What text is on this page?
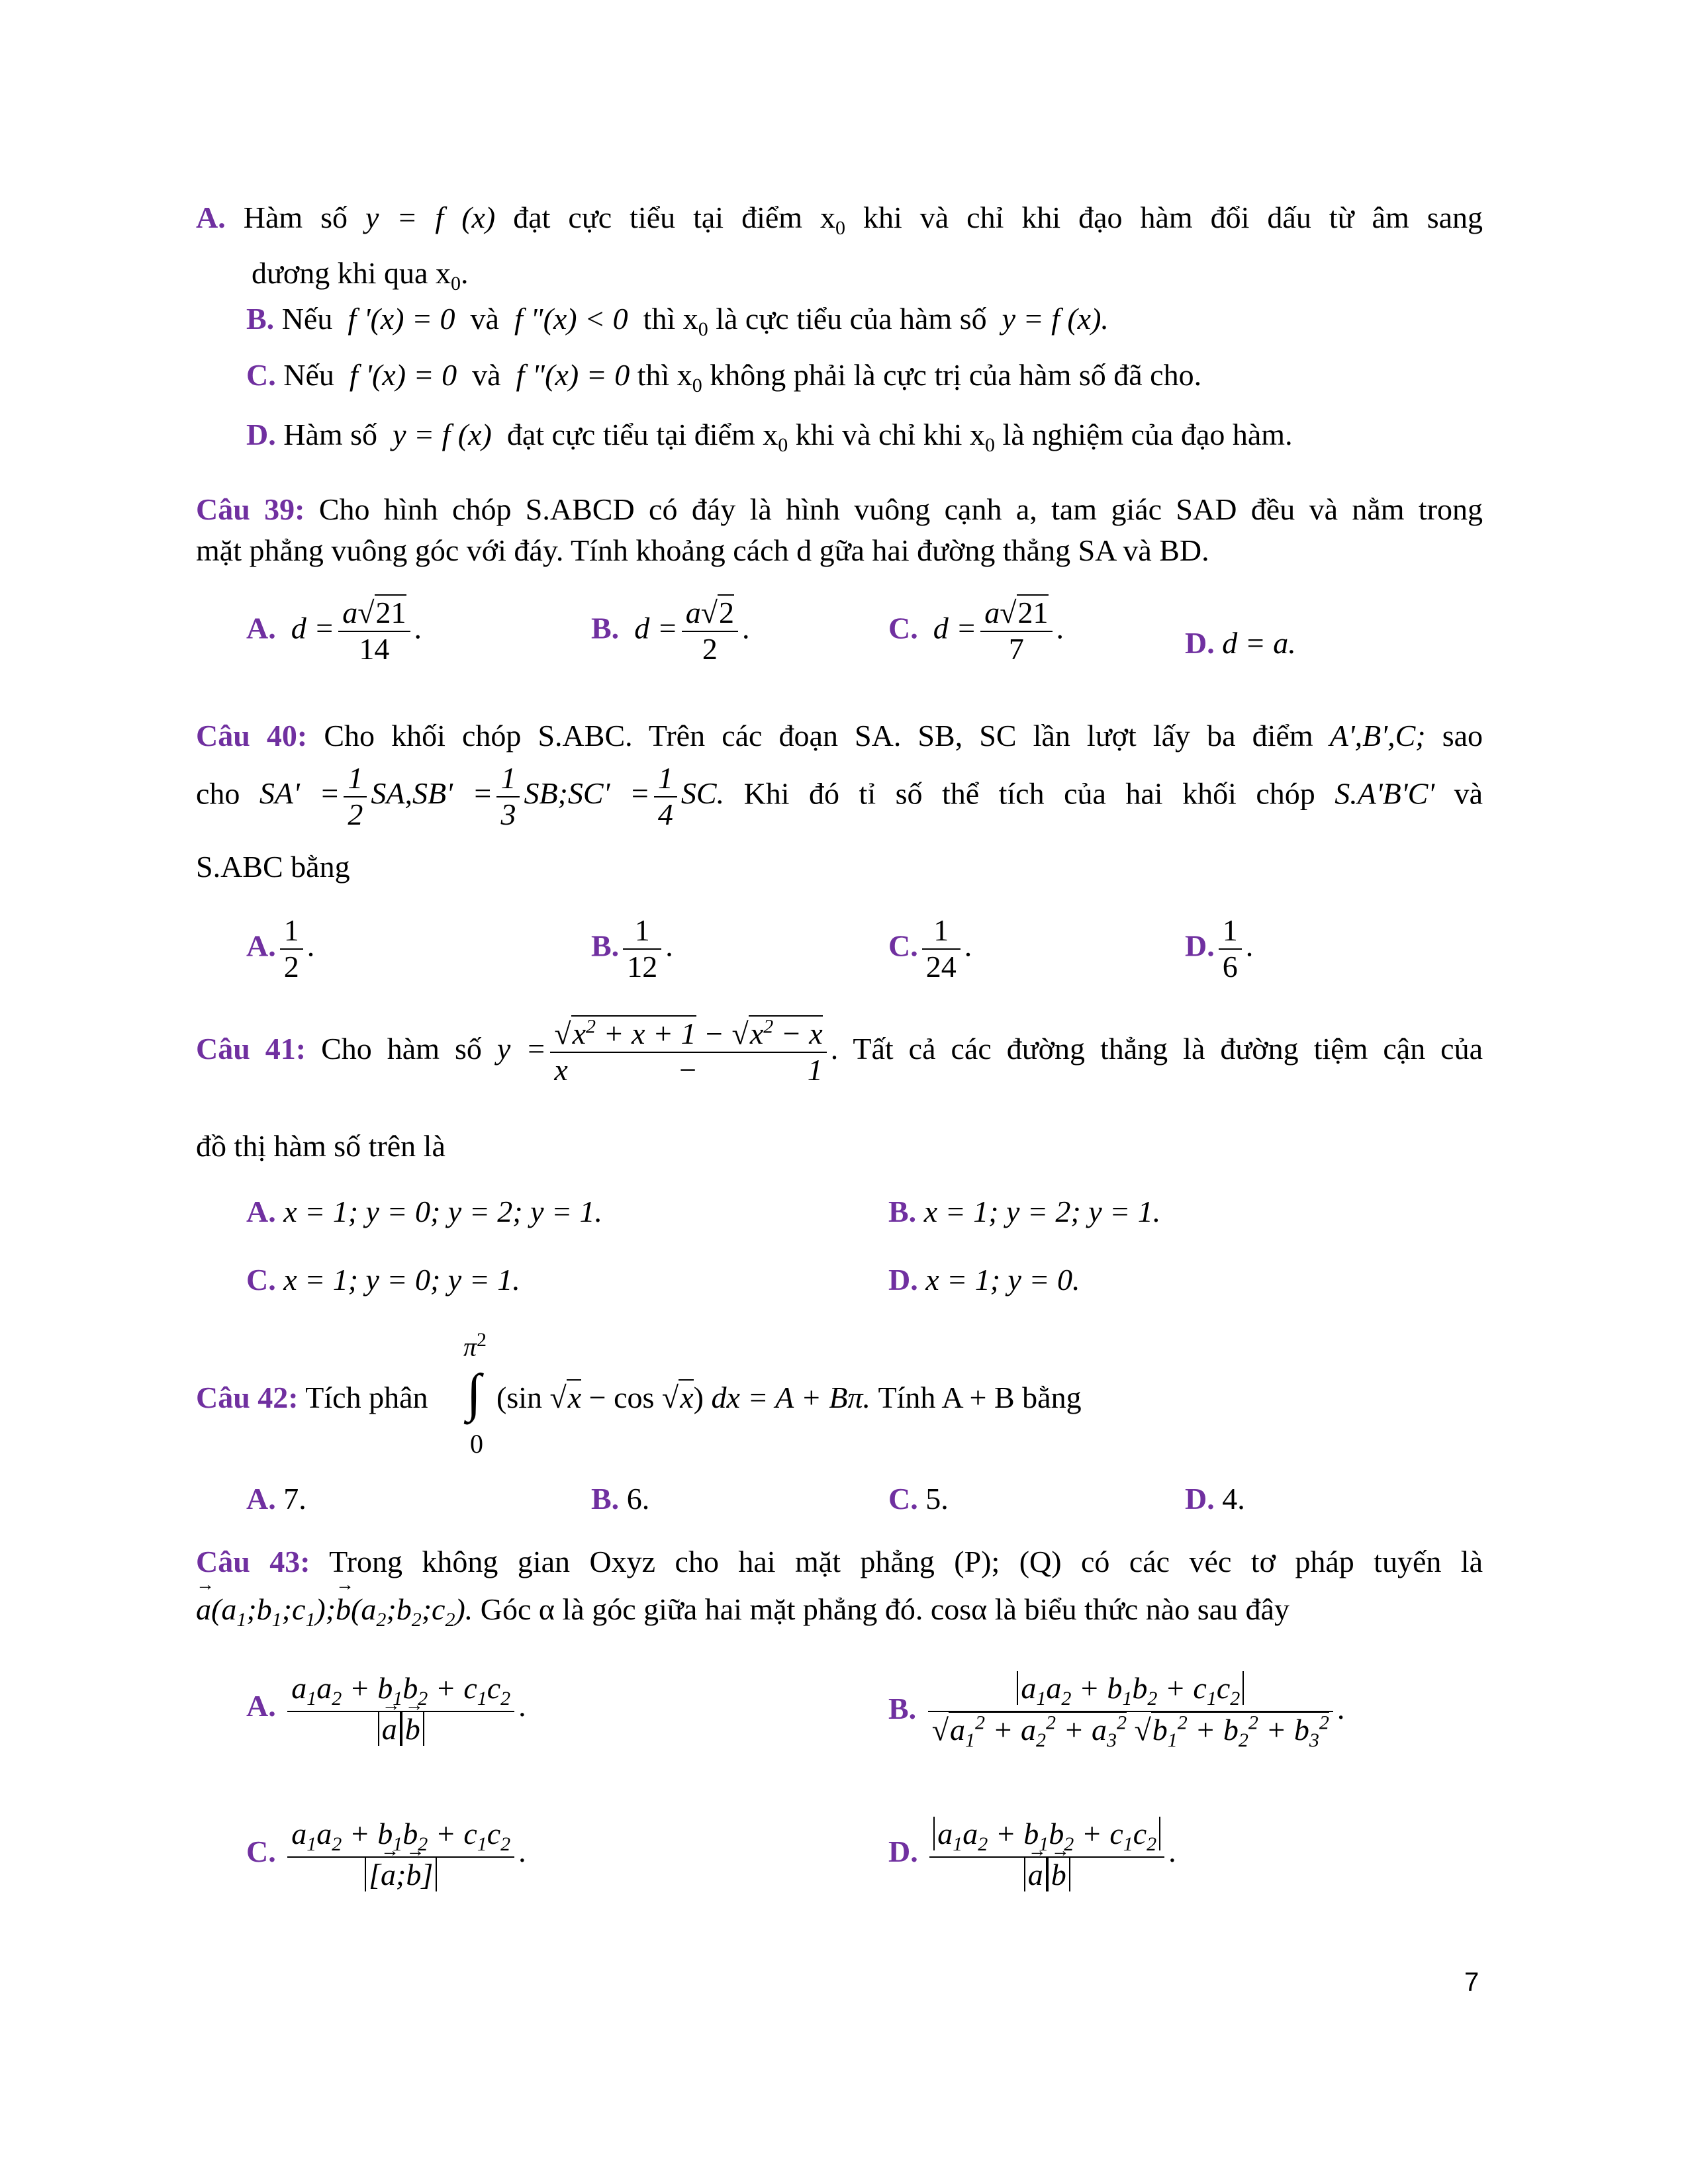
A. Hàm số y = f (x) đạt cực tiểu tại điểm $x_0$ khi và chỉ khi đạo hàm đổi dấu từ âm sang
dương khi qua $x_0$.
B. Nếu  f '(x) = 0  và  f "(x) < 0  thì $x_0$ là cực tiểu của hàm số  y = f (x).
C. Nếu  f '(x) = 0  và  f "(x) = 0 thì $x_0$ không phải là cực trị của hàm số đã cho.
D. Hàm số  y = f (x)  đạt cực tiểu tại điểm $x_0$ khi và chỉ khi $x_0$ là nghiệm của đạo hàm.
Câu 39: Cho hình chóp S.ABCD có đáy là hình vuông cạnh a, tam giác SAD đều và nằm trong
mặt phẳng vuông góc với đáy. Tính khoảng cách d gữa hai đường thẳng SA và BD.
A.  $d = \frac{a√21}{14}$ .	B.  $d = \frac{a√2}{2}$ .	C.  $d = \frac{a√21}{7}$ .	D. d = a.
Câu 40: Cho khối chóp S.ABC. Trên các đoạn SA. SB, SC lần lượt lấy ba điểm A',B',C; sao
cho $SA' = \frac{1}{2} SA,SB' = \frac{1}{3}$ SB;SC' = $\frac{1}{4}$ SC. Khi đó tỉ số thể tích của hai khối chóp S.A'B'C' và
S.ABC bằng
A. $\frac{1}{2}$ .	B. $\frac{1}{12}$ .	C. $\frac{1}{24}$ .	D. $\frac{1}{6}$ .
Câu 41: Cho hàm số $y = \frac{√x^2 + x + 1 - √x^2 - x}{x - 1}$ . Tất cả các đường thẳng là đường tiệm cận của
đồ thị hàm số trên là
A. x = 1; y = 0; y = 2; y = 1.	B. x = 1; y = 2; y = 1.
C. x = 1; y = 0; y = 1.	D. x = 1; y = 0.
Câu 42: Tích phân
$\pi^2$
∫
0
(sin √x − cos √x) dx = A + Bπ. Tính A + B bằng
A. 7.	B. 6.	C. 5.	D. 4.
Câu 43: Trong không gian Oxyz cho hai mặt phẳng (P); (Q) có các véc tơ pháp tuyến là
→ $a(a_1;b_1;c_1);\to$ $b(a_2;b_2;c_2)$. Góc α là góc giữa hai mặt phẳng đó. cosα là biểu thức nào sau đây
A. $a_1a_2 + b_1b_2 + c_1c_2$
→ a → b .	B. $\frac{a_1a_2 + b_1b_2 + c_1c_2}{√a_1^2 + a_2^2 + a_3^2 √b_1^2 + b_2^2 + b_3^2}$ .
C. $\frac{a_1a_2 + b_1b_2 + c_1c_2}{[\to a;\to b]}$ .	D. $a_1a_2 + b_1b_2 + c_1c_2$
→ a → b .
7
